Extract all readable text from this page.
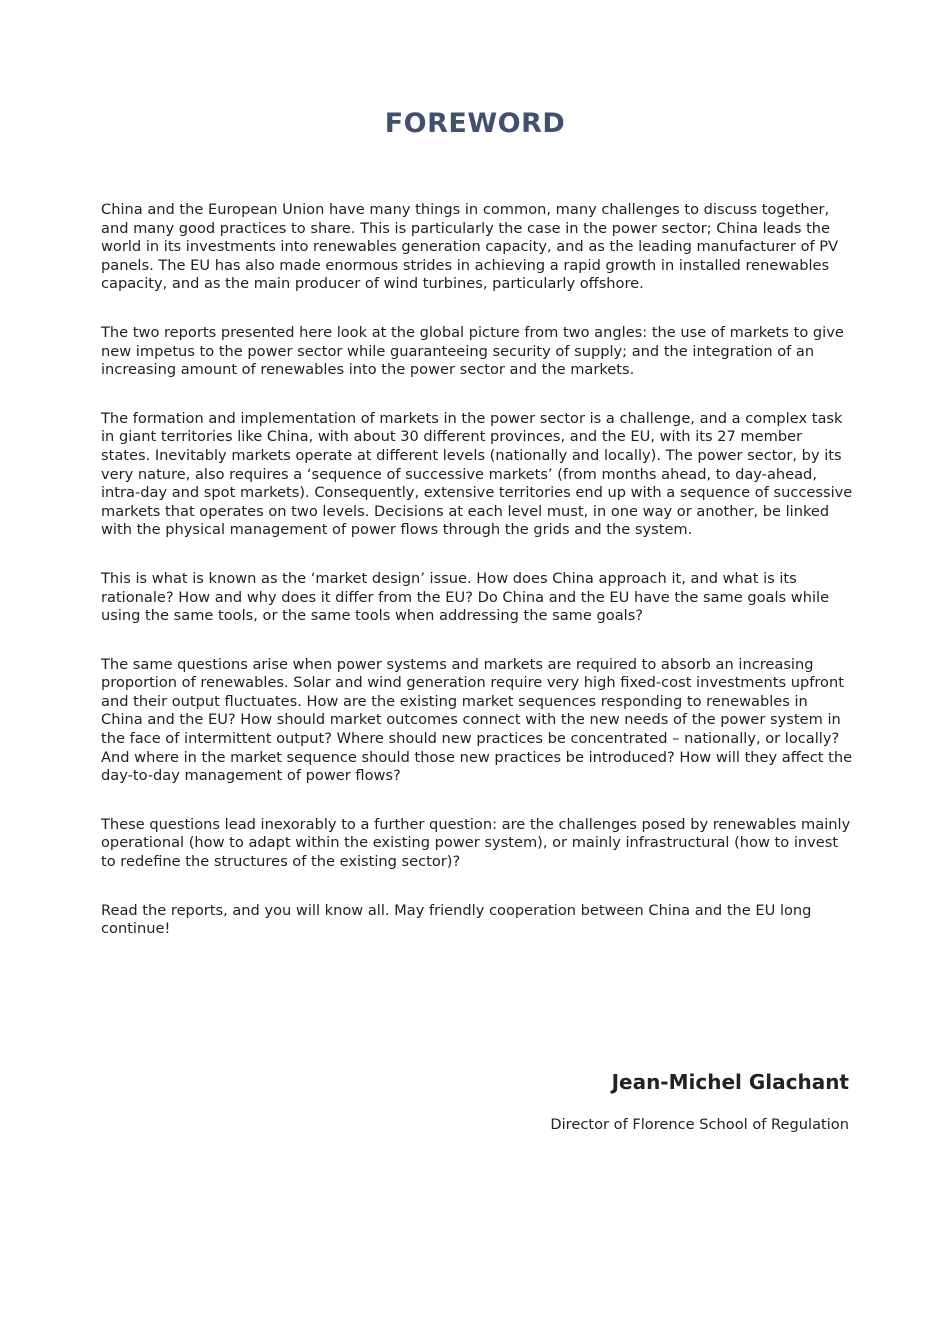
FOREWORD

China and the European Union have many things in common, many challenges to discuss together, and many good practices to share. This is particularly the case in the power sector; China leads the world in its investments into renewables generation capacity, and as the leading manufacturer of PV panels. The EU has also made enormous strides in achieving a rapid growth in installed renewables capacity, and as the main producer of wind turbines, particularly offshore.

The two reports presented here look at the global picture from two angles: the use of markets to give new impetus to the power sector while guaranteeing security of supply; and the integration of an increasing amount of renewables into the power sector and the markets.

The formation and implementation of markets in the power sector is a challenge, and a complex task in giant territories like China, with about 30 different provinces, and the EU, with its 27 member states. Inevitably markets operate at different levels (nationally and locally). The power sector, by its very nature, also requires a ‘sequence of successive markets’ (from months ahead, to day-ahead, intra-day and spot markets). Consequently, extensive territories end up with a sequence of successive markets that operates on two levels. Decisions at each level must, in one way or another, be linked with the physical management of power flows through the grids and the system.

This is what is known as the ‘market design’ issue. How does China approach it, and what is its rationale? How and why does it differ from the EU? Do China and the EU have the same goals while using the same tools, or the same tools when addressing the same goals?

The same questions arise when power systems and markets are required to absorb an increasing proportion of renewables. Solar and wind generation require very high fixed-cost investments upfront and their output fluctuates. How are the existing market sequences responding to renewables in China and the EU? How should market outcomes connect with the new needs of the power system in the face of intermittent output? Where should new practices be concentrated – nationally, or locally? And where in the market sequence should those new practices be introduced? How will they affect the day-to-day management of power flows?

These questions lead inexorably to a further question: are the challenges posed by renewables mainly operational (how to adapt within the existing power system), or mainly infrastructural (how to invest to redefine the structures of the existing sector)?

Read the reports, and you will know all. May friendly cooperation between China and the EU long continue!

Jean-Michel Glachant

Director of Florence School of Regulation
